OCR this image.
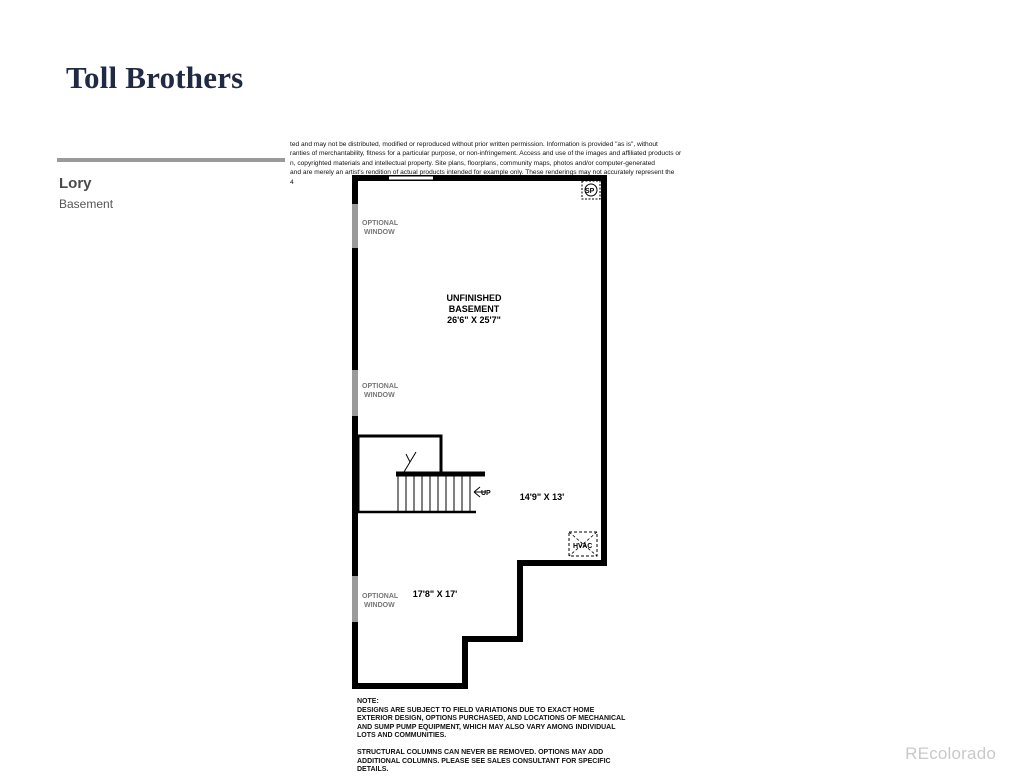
Toll Brothers
Lory
Basement
ted and may not be distributed, modified or reproduced without prior written permission. Information is provided "as is", without
ranties of merchantability, fitness for a particular purpose, or non-infringement. Access and use of the images and affiliated products or
n, copyrighted materials and intellectual property. Site plans, floorplans, community maps, photos and/or computer-generated
and are merely an artist's rendition of actual products intended for example only. These renderings may not accurately represent the
4
UP
SP
HVAC
OPTIONAL
WINDOW
OPTIONAL
WINDOW
OPTIONAL
WINDOW
UNFINISHED
BASEMENT
26'6" X 25'7"
14'9" X 13'
17'8" X 17'

NOTE:
DESIGNS ARE SUBJECT TO FIELD VARIATIONS DUE TO EXACT HOME EXTERIOR DESIGN, OPTIONS PURCHASED, AND LOCATIONS OF MECHANICAL AND SUMP PUMP EQUIPMENT, WHICH MAY ALSO VARY AMONG INDIVIDUAL LOTS AND COMMUNITIES.

STRUCTURAL COLUMNS CAN NEVER BE REMOVED. OPTIONS MAY ADD ADDITIONAL COLUMNS. PLEASE SEE SALES CONSULTANT FOR SPECIFIC DETAILS.

REcolorado
